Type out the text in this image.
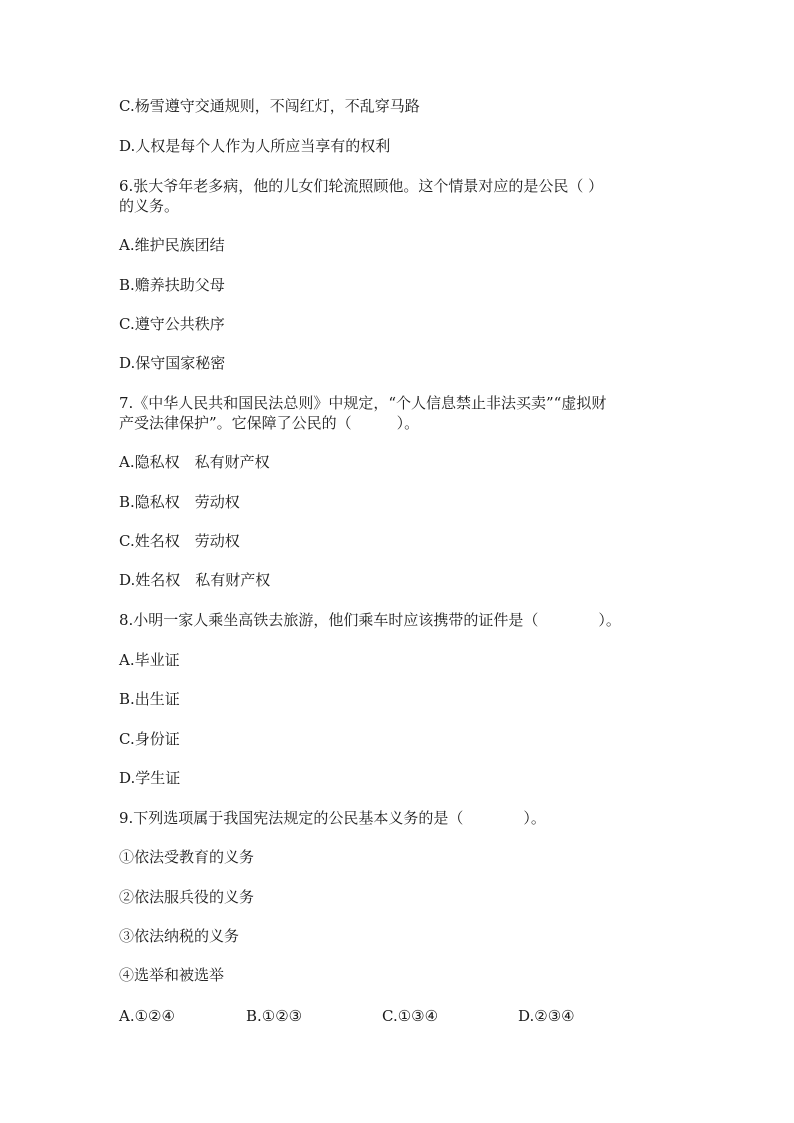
C.杨雪遵守交通规则，不闯红灯，不乱穿马路
D.人权是每个人作为人所应当享有的权利
6.张大爷年老多病，他的儿女们轮流照顾他。这个情景对应的是公民（ ）
的义务。
A.维护民族团结
B.赡养扶助父母
C.遵守公共秩序
D.保守国家秘密
7.《中华人民共和国民法总则》中规定，“个人信息禁止非法买卖”“虚拟财
产受法律保护”。它保障了公民的（　　　）。
A.隐私权　私有财产权
B.隐私权　劳动权
C.姓名权　劳动权
D.姓名权　私有财产权
8.小明一家人乘坐高铁去旅游，他们乘车时应该携带的证件是（　　　　）。
A.毕业证
B.出生证
C.身份证
D.学生证
9.下列选项属于我国宪法规定的公民基本义务的是（　　　　）。
①依法受教育的义务
②依法服兵役的义务
③依法纳税的义务
④选举和被选举
A.①②④	B.①②③	C.①③④	D.②③④
